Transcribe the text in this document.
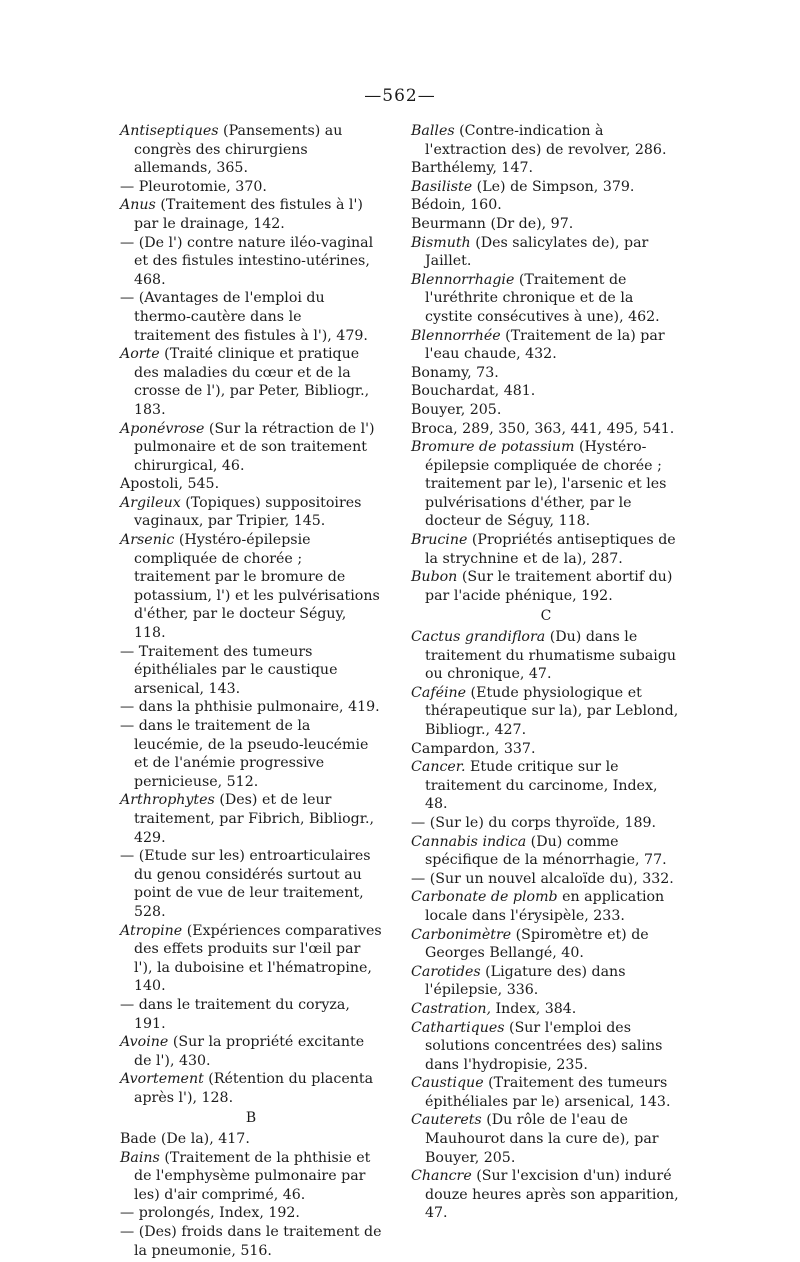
—562—

Antiseptiques (Pansements) au congrès des chirurgiens allemands, 365.

— Pleurotomie, 370.

Anus (Traitement des fistules à l') par le drainage, 142.

— (De l') contre nature iléo-vaginal et des fistules intestino-utérines, 468.

— (Avantages de l'emploi du thermo-cautère dans le traitement des fistules à l'), 479.

Aorte (Traité clinique et pratique des maladies du cœur et de la crosse de l'), par Peter, Bibliogr., 183.

Aponévrose (Sur la rétraction de l') pulmonaire et de son traitement chirurgical, 46.

Apostoli, 545.

Argileux (Topiques) suppositoires vaginaux, par Tripier, 145.

Arsenic (Hystéro-épilepsie compliquée de chorée ; traitement par le bromure de potassium, l') et les pulvérisations d'éther, par le docteur Séguy, 118.

— Traitement des tumeurs épithéliales par le caustique arsenical, 143.

— dans la phthisie pulmonaire, 419.

— dans le traitement de la leucémie, de la pseudo-leucémie et de l'anémie progressive pernicieuse, 512.

Arthrophytes (Des) et de leur traitement, par Fibrich, Bibliogr., 429.

— (Etude sur les) entroarticulaires du genou considérés surtout au point de vue de leur traitement, 528.

Atropine (Expériences comparatives des effets produits sur l'œil par l'), la duboisine et l'hématropine, 140.

— dans le traitement du coryza, 191.

Avoine (Sur la propriété excitante de l'), 430.

Avortement (Rétention du placenta après l'), 128.

B

Bade (De la), 417.

Bains (Traitement de la phthisie et de l'emphysème pulmonaire par les) d'air comprimé, 46.

— prolongés, Index, 192.

— (Des) froids dans le traitement de la pneumonie, 516.

Balles (Contre-indication à l'extraction des) de revolver, 286.

Barthélemy, 147.

Basiliste (Le) de Simpson, 379.

Bédoin, 160.

Beurmann (Dr de), 97.

Bismuth (Des salicylates de), par Jaillet.

Blennorrhagie (Traitement de l'uréthrite chronique et de la cystite consécutives à une), 462.

Blennorrhée (Traitement de la) par l'eau chaude, 432.

Bonamy, 73.

Bouchardat, 481.

Bouyer, 205.

Broca, 289, 350, 363, 441, 495, 541.

Bromure de potassium (Hystéro-épilepsie compliquée de chorée ; traitement par le), l'arsenic et les pulvérisations d'éther, par le docteur de Séguy, 118.

Brucine (Propriétés antiseptiques de la strychnine et de la), 287.

Bubon (Sur le traitement abortif du) par l'acide phénique, 192.

C

Cactus grandiflora (Du) dans le traitement du rhumatisme subaigu ou chronique, 47.

Caféine (Etude physiologique et thérapeutique sur la), par Leblond, Bibliogr., 427.

Campardon, 337.

Cancer. Etude critique sur le traitement du carcinome, Index, 48.

— (Sur le) du corps thyroïde, 189.

Cannabis indica (Du) comme spécifique de la ménorrhagie, 77.

— (Sur un nouvel alcaloïde du), 332.

Carbonate de plomb en application locale dans l'érysipèle, 233.

Carbonimètre (Spiromètre et) de Georges Bellangé, 40.

Carotides (Ligature des) dans l'épilepsie, 336.

Castration, Index, 384.

Cathartiques (Sur l'emploi des solutions concentrées des) salins dans l'hydropisie, 235.

Caustique (Traitement des tumeurs épithéliales par le) arsenical, 143.

Cauterets (Du rôle de l'eau de Mauhourot dans la cure de), par Bouyer, 205.

Chancre (Sur l'excision d'un) induré douze heures après son apparition, 47.
